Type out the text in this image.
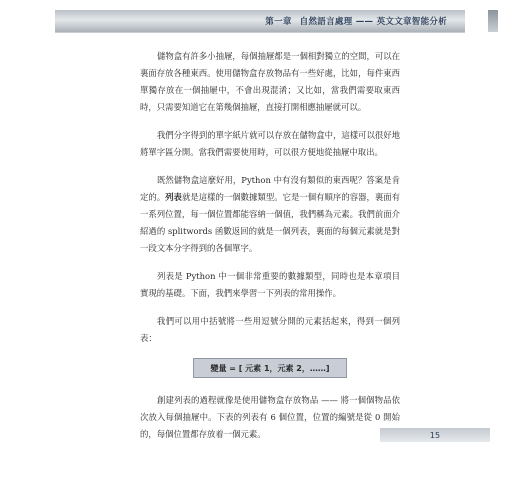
第一章 自然語言處理 —— 英文文章智能分析

儲物盒有許多小抽屜，每個抽屜都是一個相對獨立的空間，可以在裏面存放各種東西。使用儲物盒存放物品有一些好處，比如，每件東西單獨存放在一個抽屜中，不會出現混淆；又比如，當我們需要取東西時，只需要知道它在第幾個抽屜，直接打開相應抽屜就可以。

我們分字得到的單字紙片就可以存放在儲物盒中，這樣可以很好地將單字區分開。當我們需要使用時，可以很方便地從抽屜中取出。

既然儲物盒這麼好用，Python 中有沒有類似的東西呢？答案是肯定的。列表就是這樣的一個數據類型。它是一個有順序的容器，裏面有一系列位置，每一個位置都能容納一個值，我們稱為元素。我們前面介紹過的 splitwords 函數返回的就是一個列表，裏面的每個元素就是對一段文本分字得到的各個單字。

列表是 Python 中一個非常重要的數據類型，同時也是本章項目實現的基礎。下面，我們來學習一下列表的常用操作。

我們可以用中括號將一些用逗號分開的元素括起來，得到一個列表：

變量 = [ 元素 1，元素 2，……]

創建列表的過程就像是使用儲物盒存放物品 —— 將一個個物品依次放入每個抽屜中。下表的列表有 6 個位置，位置的編號是從 0 開始的，每個位置都存放着一個元素。	15
